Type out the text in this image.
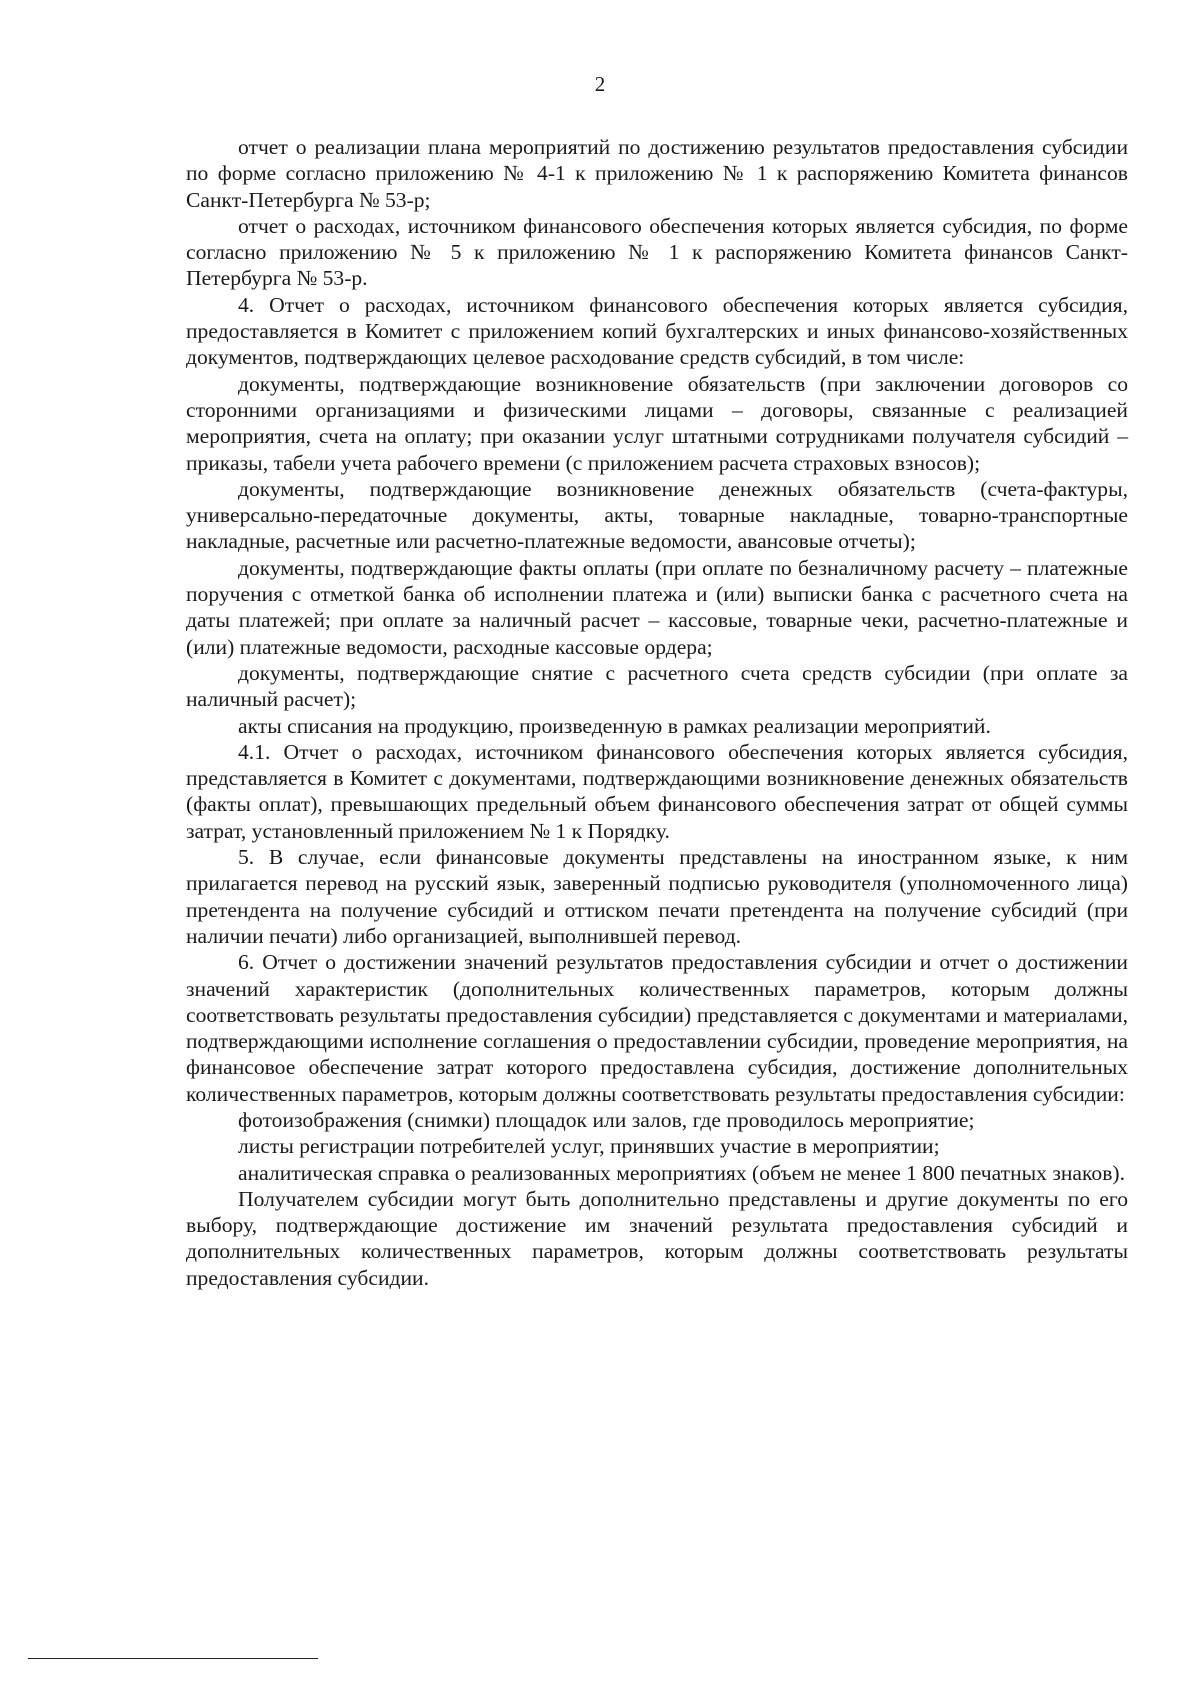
2

отчет о реализации плана мероприятий по достижению результатов предоставления субсидии по форме согласно приложению № 4-1 к приложению № 1 к распоряжению Комитета финансов Санкт-Петербурга № 53-р;

отчет о расходах, источником финансового обеспечения которых является субсидия, по форме согласно приложению № 5 к приложению № 1 к распоряжению Комитета финансов Санкт-Петербурга № 53-р.

4. Отчет о расходах, источником финансового обеспечения которых является субсидия, предоставляется в Комитет с приложением копий бухгалтерских и иных финансово-хозяйственных документов, подтверждающих целевое расходование средств субсидий, в том числе:

документы, подтверждающие возникновение обязательств (при заключении договоров со сторонними организациями и физическими лицами – договоры, связанные с реализацией мероприятия, счета на оплату; при оказании услуг штатными сотрудниками получателя субсидий – приказы, табели учета рабочего времени (с приложением расчета страховых взносов);

документы, подтверждающие возникновение денежных обязательств (счета-фактуры, универсально-передаточные документы, акты, товарные накладные, товарно-транспортные накладные, расчетные или расчетно-платежные ведомости, авансовые отчеты);

документы, подтверждающие факты оплаты (при оплате по безналичному расчету – платежные поручения с отметкой банка об исполнении платежа и (или) выписки банка с расчетного счета на даты платежей; при оплате за наличный расчет – кассовые, товарные чеки, расчетно-платежные и (или) платежные ведомости, расходные кассовые ордера;

документы, подтверждающие снятие с расчетного счета средств субсидии (при оплате за наличный расчет);

акты списания на продукцию, произведенную в рамках реализации мероприятий.

4.1. Отчет о расходах, источником финансового обеспечения которых является субсидия, представляется в Комитет с документами, подтверждающими возникновение денежных обязательств (факты оплат), превышающих предельный объем финансового обеспечения затрат от общей суммы затрат, установленный приложением № 1 к Порядку.

5. В случае, если финансовые документы представлены на иностранном языке, к ним прилагается перевод на русский язык, заверенный подписью руководителя (уполномоченного лица) претендента на получение субсидий и оттиском печати претендента на получение субсидий (при наличии печати) либо организацией, выполнившей перевод.

6. Отчет о достижении значений результатов предоставления субсидии и отчет о достижении значений характеристик (дополнительных количественных параметров, которым должны соответствовать результаты предоставления субсидии) представляется с документами и материалами, подтверждающими исполнение соглашения о предоставлении субсидии, проведение мероприятия, на финансовое обеспечение затрат которого предоставлена субсидия, достижение дополнительных количественных параметров, которым должны соответствовать результаты предоставления субсидии:

фотоизображения (снимки) площадок или залов, где проводилось мероприятие;

листы регистрации потребителей услуг, принявших участие в мероприятии;

аналитическая справка о реализованных мероприятиях (объем не менее 1 800 печатных знаков).

Получателем субсидии могут быть дополнительно представлены и другие документы по его выбору, подтверждающие достижение им значений результата предоставления субсидий и дополнительных количественных параметров, которым должны соответствовать результаты предоставления субсидии.
